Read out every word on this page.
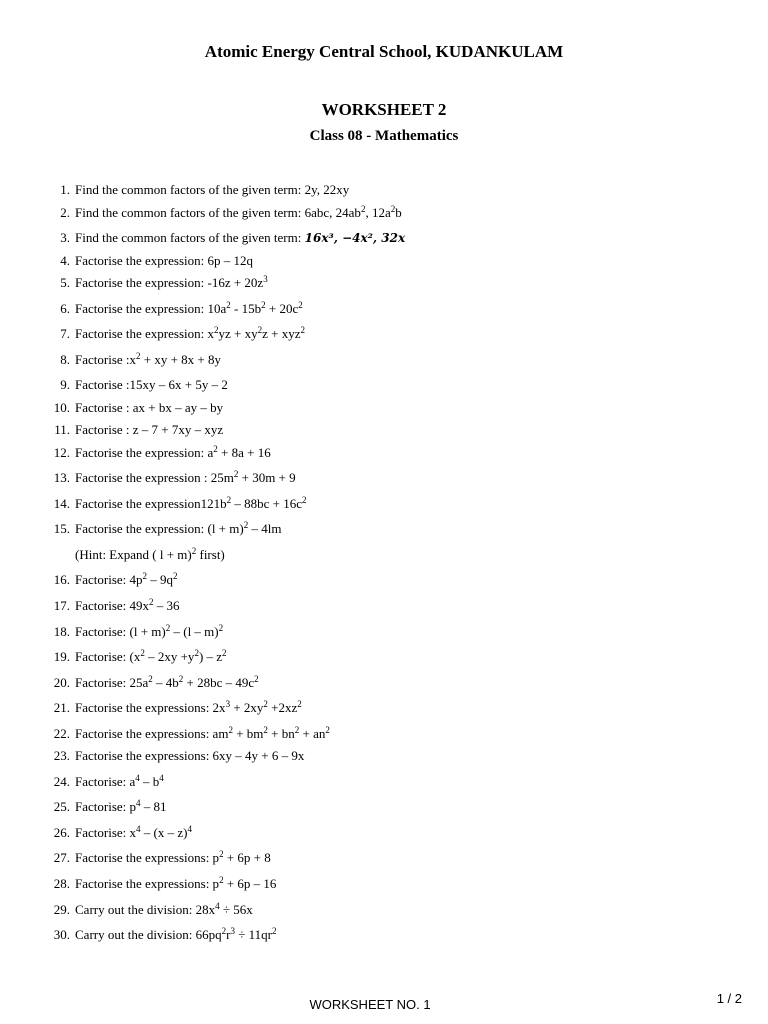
Atomic Energy Central School, KUDANKULAM
WORKSHEET 2
Class 08 - Mathematics
1. Find the common factors of the given term: 2y, 22xy
2. Find the common factors of the given term: 6abc, $24ab^2$, $12a^2b$
3. Find the common factors of the given term: 16x³, −4x², 32x
4. Factorise the expression: 6p – 12q
5. Factorise the expression: $-16z + 20z^3$
6. Factorise the expression: $10a^2 - 15b^2 + 20c^2$
7. Factorise the expression: $x^2yz + xy^2z + xyz^2$
8. Factorise $:x^2$ + xy + 8x + 8y
9. Factorise :15xy – 6x + 5y – 2
10. Factorise : ax + bx – ay – by
11. Factorise : z – 7 + 7xy – xyz
12. Factorise the expression: $a^2 + 8a + 16$
13. Factorise the expression : $25m^2 + 30m + 9$
14. Factorise the $expression121b^2 - 88bc + 16c^2$
15. Factorise the expression: $(l + m)^2 - 4lm$
(Hint: Expand ( l + m)$^2$ first)
16. Factorise: $4p^2 - 9q^2$
17. Factorise: $49x^2 - 36$
18. Factorise: $(l + m)^2 - (l - m)^2$
19. Factorise: $(x^2 - 2xy +y^2) - z^2$
20. Factorise: $25a^2 - 4b^2 + 28bc - 49c^2$
21. Factorise the expressions: $2x^3 + 2xy^2 +2xz^2$
22. Factorise the expressions: $am^2 + bm^2 + bn^2 + an^2$
23. Factorise the expressions: 6xy – 4y + 6 – 9x
24. Factorise: $a^4 - b^4$
25. Factorise: $p^4 - 81$
26. Factorise: $x^4 - (x - z)^4$
27. Factorise the expressions: $p^2 + 6p + 8$
28. Factorise the expressions: $p^2 + 6p - 16$
29. Carry out the division: $28x^4 \div 56x$
30. Carry out the division: $66pq^2r^3 \div 11qr^2$
WORKSHEET NO. 1	1 / 2
